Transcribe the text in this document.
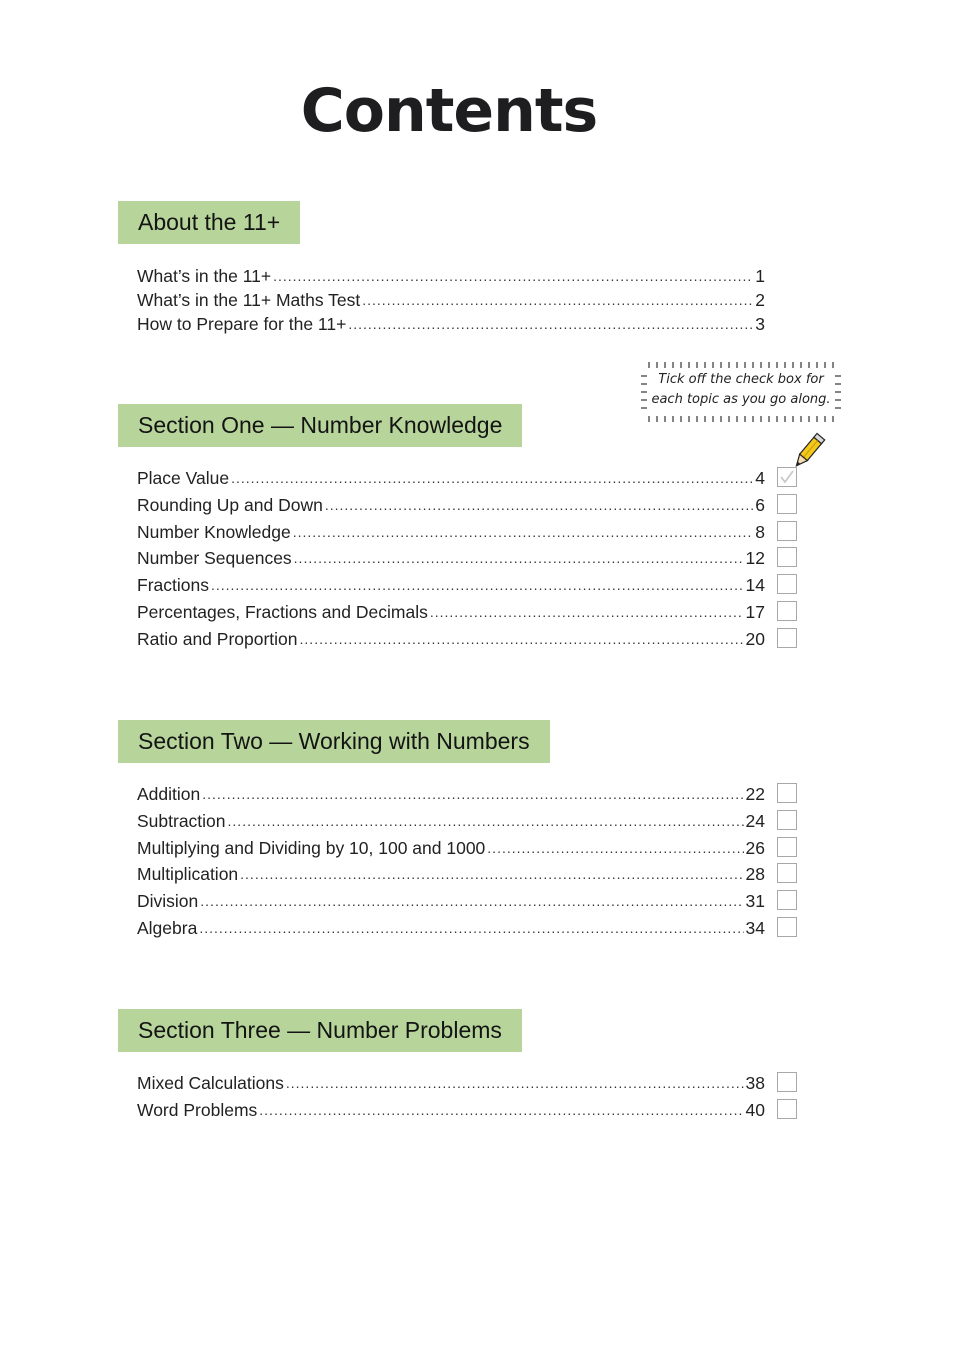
Contents
About the 11+
What’s in the 11+ .....	1
What’s in the 11+ Maths Test .....	2
How to Prepare for the 11+ .....	3
Tick off the check box for
each topic as you go along.
Section One — Number Knowledge
Place Value .....	4
Rounding Up and Down .....	6
Number Knowledge .....	8
Number Sequences .....	12
Fractions .....	14
Percentages, Fractions and Decimals .....	17
Ratio and Proportion .....	20
Section Two — Working with Numbers
Addition .....	22
Subtraction .....	24
Multiplying and Dividing by 10, 100 and 1000 .....	26
Multiplication .....	28
Division .....	31
Algebra .....	34
Section Three — Number Problems
Mixed Calculations .....	38
Word Problems .....	40
